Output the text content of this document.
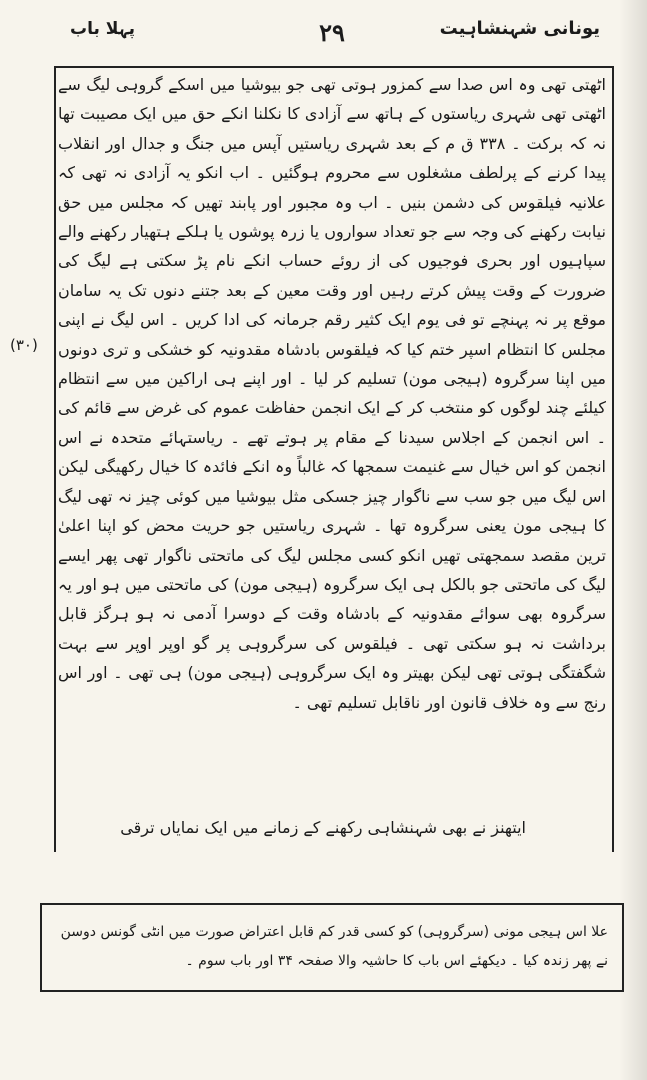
یونانی شہنشاہیت
۲۹
پہلا باب

اٹھتی تھی وہ اس صدا سے کمزور ہوتی تھی جو بیوشیا میں اسکے گروہی لیگ سے اٹھتی تھی شہری ریاستوں کے ہاتھ سے آزادی کا نکلنا انکے حق میں ایک مصیبت تھا نہ کہ برکت ۔ ۳۳۸ ق م کے بعد شہری ریاستیں آپس میں جنگ و جدال اور انقلاب پیدا کرنے کے پرلطف مشغلوں سے محروم ہوگئیں ۔ اب انکو یہ آزادی نہ تھی کہ علانیہ فیلقوس کی دشمن بنیں ۔ اب وہ مجبور اور پابند تھیں کہ مجلس میں حق نیابت رکھنے کی وجہ سے جو تعداد سواروں یا زرہ پوشوں یا ہلکے ہتھیار رکھنے والے سپاہیوں اور بحری فوجیوں کی از روئے حساب انکے نام پڑ سکتی ہے لیگ کی ضرورت کے وقت پیش کرتے رہیں اور وقت معین کے بعد جتنے دنوں تک یہ سامان موقع پر نہ پہنچے تو فی یوم ایک کثیر رقم جرمانہ کی ادا کریں ۔ اس لیگ نے اپنی مجلس کا انتظام اسپر ختم کیا کہ فیلقوس بادشاہ مقدونیہ کو خشکی و تری دونوں میں اپنا سرگروہ (ہیجی مون) تسلیم کر لیا ۔ اور اپنے ہی اراکین میں سے انتظام کیلئے چند لوگوں کو منتخب کر کے ایک انجمن حفاظت عموم کی غرض سے قائم کی ۔ اس انجمن کے اجلاس سیدنا کے مقام پر ہوتے تھے ۔ ریاستہائے متحدہ نے اس انجمن کو اس خیال سے غنیمت سمجھا کہ غالباً وہ انکے فائدہ کا خیال رکھیگی لیکن اس لیگ میں جو سب سے ناگوار چیز جسکی مثل بیوشیا میں کوئی چیز نہ تھی لیگ کا ہیجی مون یعنی سرگروہ تھا ۔ شہری ریاستیں جو حریت محض کو اپنا اعلیٰ ترین مقصد سمجھتی تھیں انکو کسی مجلس لیگ کی ماتحتی ناگوار تھی پھر ایسے لیگ کی ماتحتی جو بالکل ہی ایک سرگروہ (ہیجی مون) کی ماتحتی میں ہو اور یہ سرگروہ بھی سوائے مقدونیہ کے بادشاہ وقت کے دوسرا آدمی نہ ہو ہرگز قابل برداشت نہ ہو سکتی تھی ۔ فیلقوس کی سرگروہی پر گو اوپر اوپر سے بہت شگفتگی ہوتی تھی لیکن بھیتر وہ ایک سرگروہی (ہیجی مون) ہی تھی ۔ اور اس رنج سے وہ خلاف قانون اور ناقابل تسلیم تھی ۔

(۳۰)
ایتھنز نے بھی شہنشاہی رکھنے کے زمانے میں ایک نمایاں ترقی
علا اس ہیجی مونی (سرگروہی) کو کسی قدر کم قابل اعتراض صورت میں انٹی گونس دوسن نے پھر زندہ کیا ۔ دیکھئے اس باب کا حاشیہ والا صفحہ ۳۴ اور باب سوم ۔
